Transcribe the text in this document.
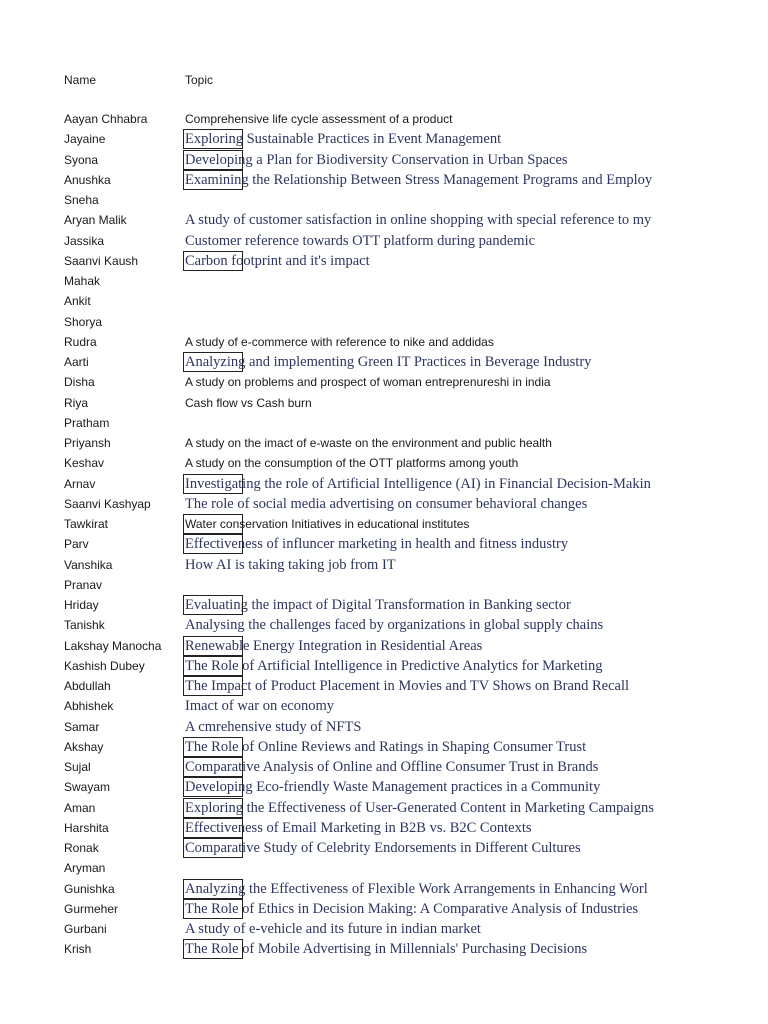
Name	Topic
Aayan Chhabra	Comprehensive life cycle assessment of a product
Jayaine	Exploring Sustainable Practices in Event Management
Syona	Developing a Plan for Biodiversity Conservation in Urban Spaces
Anushka	Examining the Relationship Between Stress Management Programs and Employ
Sneha
Aryan Malik	A study of customer satisfaction in online shopping with special reference to my
Jassika	Customer reference towards OTT platform during pandemic
Saanvi Kaush	Carbon footprint and it's impact
Mahak
Ankit
Shorya
Rudra	A study of e-commerce with reference to nike and addidas
Aarti	Analyzing and implementing Green IT Practices in Beverage Industry
Disha	A study on problems and prospect of woman entreprenureshi in india
Riya	Cash flow vs Cash burn
Pratham
Priyansh	A study on the imact of e-waste on the environment and public health
Keshav	A study on the consumption of the OTT platforms among youth
Arnav	Investigating the role of Artificial Intelligence (AI) in Financial Decision-Makin
Saanvi Kashyap	The role of social media advertising on consumer behavioral changes
Tawkirat	Water conservation Initiatives in educational institutes
Parv	Effectiveness of influncer marketing in health and fitness industry
Vanshika	How AI is taking taking job from IT
Pranav
Hriday	Evaluating the impact of Digital Transformation in Banking sector
Tanishk	Analysing the challenges faced by organizations in global supply chains
Lakshay Manocha	Renewable Energy Integration in Residential Areas
Kashish Dubey	The Role of Artificial Intelligence in Predictive Analytics for Marketing
Abdullah	The Impact of Product Placement in Movies and TV Shows on Brand Recall
Abhishek	Imact of war on economy
Samar	A cmrehensive study of NFTS
Akshay	The Role of Online Reviews and Ratings in Shaping Consumer Trust
Sujal	Comparative Analysis of Online and Offline Consumer Trust in Brands
Swayam	Developing Eco-friendly Waste Management practices in a Community
Aman	Exploring the Effectiveness of User-Generated Content in Marketing Campaigns
Harshita	Effectiveness of Email Marketing in B2B vs. B2C Contexts
Ronak	Comparative Study of Celebrity Endorsements in Different Cultures
Aryman
Gunishka	Analyzing the Effectiveness of Flexible Work Arrangements in Enhancing Worl
Gurmeher	The Role of Ethics in Decision Making: A Comparative Analysis of Industries
Gurbani	A study of e-vehicle and its future in indian market
Krish	The Role of Mobile Advertising in Millennials' Purchasing Decisions
